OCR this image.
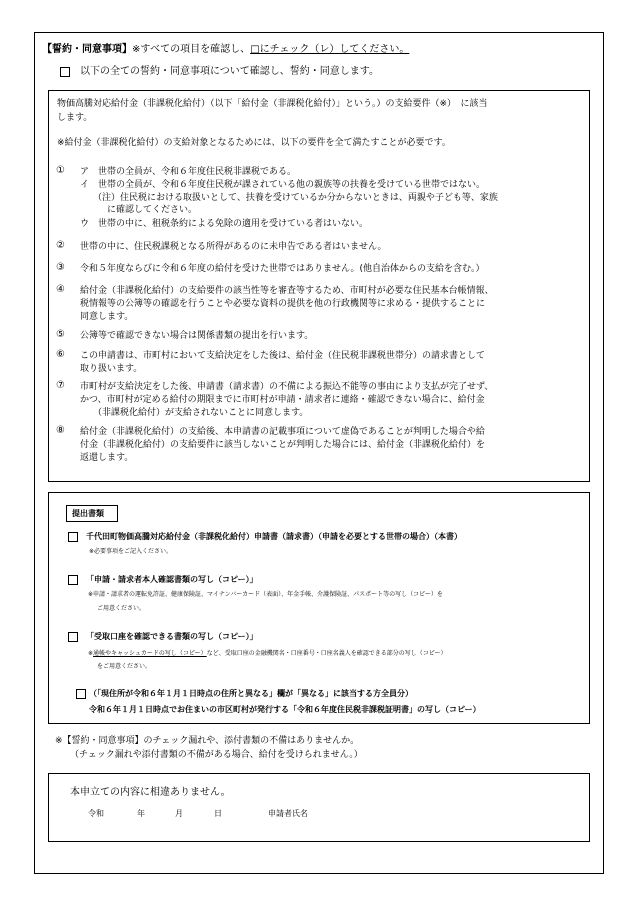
【誓約・同意事項】※すべての項目を確認し、□にチェック（レ）してください。
以下の全ての誓約・同意事項について確認し、誓約・同意します。
物価高騰対応給付金（非課税化給付）（以下「給付金（非課税化給付）」という。）の支給要件（※）　に該当
します。
※給付金（非課税化給付）の支給対象となるためには、以下の要件を全て満たすことが必要です。
① ア　世帯の全員が、令和６年度住民税非課税である。
イ　世帯の全員が、令和６年度住民税が課されている他の親族等の扶養を受けている世帯ではない。
（注）住民税における取扱いとして、扶養を受けているか分からないときは、両親や子ども等、家族
に確認してください。
ウ　世帯の中に、租税条約による免除の適用を受けている者はいない。
② 世帯の中に、住民税課税となる所得があるのに未申告である者はいません。
③ 令和５年度ならびに令和６年度の給付を受けた世帯ではありません。(他自治体からの支給を含む。）
④ 給付金（非課税化給付）の支給要件の該当性等を審査等するため、市町村が必要な住民基本台帳情報、
税情報等の公簿等の確認を行うことや必要な資料の提供を他の行政機関等に求める・提供することに
同意します。
⑤ 公簿等で確認できない場合は関係書類の提出を行います。
⑥ この申請書は、市町村において支給決定をした後は、給付金（住民税非課税世帯分）の請求書として
取り扱います。
⑦ 市町村が支給決定をした後、申請書（請求書）の不備による振込不能等の事由により支払が完了せず、
かつ、市町村が定める給付の期限までに市町村が申請・請求者に連絡・確認できない場合に、給付金
（非課税化給付）が支給されないことに同意します。
⑧ 給付金（非課税化給付）の支給後、本申請書の記載事項について虚偽であることが判明した場合や給
付金（非課税化給付）の支給要件に該当しないことが判明した場合には、給付金（非課税化給付）を
返還します。
提出書類
千代田町物価高騰対応給付金（非課税化給付）申請書（請求書）（申請を必要とする世帯の場合）（本書）
※必要事項をご記入ください。
「申請・請求者本人確認書類の写し（コピー）」
※申請・請求者の運転免許証、健康保険証、マイナンバーカード（表面）、年金手帳、介護保険証、パスポート等の写し（コピー）を
ご用意ください。
「受取口座を確認できる書類の写し（コピー）」
※通帳やキャッシュカードの写し（コピー）など、受取口座の金融機関名・口座番号・口座名義人を確認できる部分の写し（コピー）
をご用意ください。
（「現住所が令和６年１月１日時点の住所と異なる」欄が「異なる」に該当する方全員分）
令和６年１月１日時点でお住まいの市区町村が発行する「令和６年度住民税非課税証明書」の写し（コピー）
※【誓約・同意事項】のチェック漏れや、添付書類の不備はありませんか。
（チェック漏れや添付書類の不備がある場合、給付を受けられません。）
本申立ての内容に相違ありません。
令和	年	月	日	申請者氏名
